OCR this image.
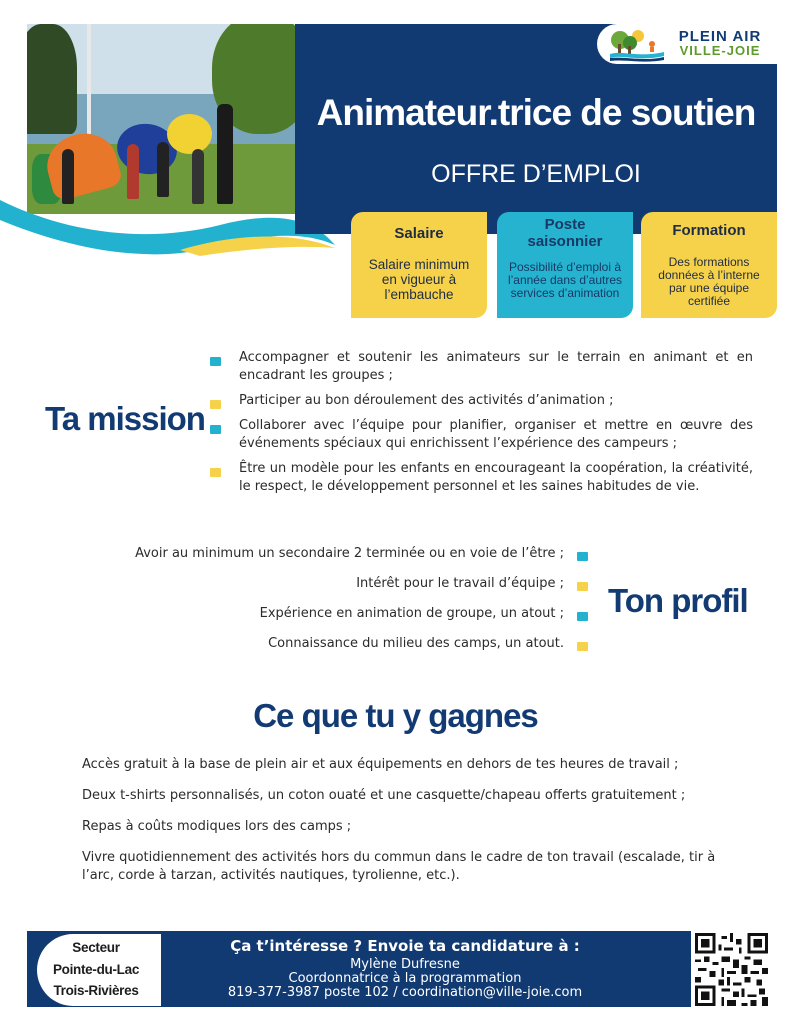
Animateur.trice de soutien
OFFRE D’EMPLOI
PLEIN AIR
VILLE-JOIE
Salaire
Salaire minimum en vigueur à l’embauche
Poste saisonnier
Possibilité d’emploi à l’année dans d’autres services d’animation
Formation
Des formations données à l’interne par une équipe certifiée
Ta mission
Accompagner et soutenir les animateurs sur le terrain en animant et en encadrant les groupes ;
Participer au bon déroulement des activités d’animation ;
Collaborer avec l’équipe pour planifier, organiser et mettre en œuvre des événements spéciaux qui enrichissent l’expérience des campeurs ;
Être un modèle pour les enfants en encourageant la coopération, la créativité, le respect, le développement personnel et les saines habitudes de vie.
Avoir au minimum un secondaire 2 terminée ou en voie de l’être ;
Intérêt pour le travail d’équipe ;
Expérience en animation de groupe, un atout ;
Connaissance du milieu des camps, un atout.
Ton profil
Ce que tu y gagnes
Accès gratuit à la base de plein air et aux équipements en dehors de tes heures de travail ;
Deux t-shirts personnalisés, un coton ouaté et une casquette/chapeau offerts gratuitement ;
Repas à coûts modiques lors des camps ;
Vivre quotidiennement des activités hors du commun dans le cadre de ton travail (escalade, tir à l’arc, corde à tarzan, activités nautiques, tyrolienne, etc.).
Secteur
Pointe-du-Lac
Trois-Rivières
Ça t’intéresse ? Envoie ta candidature à :
Mylène Dufresne
Coordonnatrice à la programmation
819-377-3987 poste 102 / coordination@ville-joie.com
